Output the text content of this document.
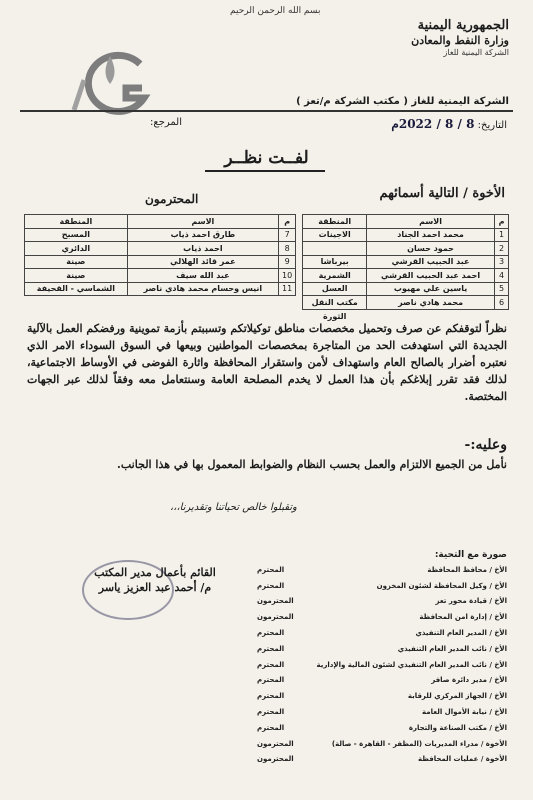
بسم الله الرحمن الرحيم
الجمهورية اليمنية
وزارة النفط والمعادن
الشركة اليمنية للغاز
الشركة اليمنية للغاز ( مكتب الشركة م/تعز )
التاريخ: 8 / 8 / 2022م
المرجع:
لفــت نظــر
الأخوة / التالية أسمائهم
المحترمون
م	الاسم	المنطقة		م	الاسم	المنطقة
1	محمد احمد الجناد	الاجينات		7	طارق احمد ذياب	المسبح
2	حمود حسان			8	احمد ذياب	الدائري
3	عبد الحبيب القرشي	بيرباشا		9	عمر قائد الهلالي	صينة
4	احمد عبد الحبيب القرشي	الشمرية		10	عبد الله سيف	صينة
5	ياسين علي مهيوب	العسل		11	انيس وحسام محمد هادي ناصر	الشماسي - القحيفة
6	محمد هادي ناصر	مكتب النقل				
		الثورة				

نظراً لتوقفكم عن صرف وتحميل مخصصات مناطق توكيلاتكم وتسببتم بأزمة تموينية ورفضكم العمل بالآلية الجديدة التي استهدفت الحد من المتاجرة بمخصصات المواطنين وبيعها في السوق السوداء الامر الذي نعتبره أضرار بالصالح العام واستهداف لأمن واستقرار المحافظة واثارة الفوضى في الأوساط الاجتماعية، لذلك فقد تقرر إبلاغكم بأن هذا العمل لا يخدم المصلحة العامة وسنتعامل معه وفقاً لذلك عبر الجهات المختصة.

وعليه:-

نأمل من الجميع الالتزام والعمل بحسب النظام والضوابط المعمول بها في هذا الجانب.

وتقبلوا خالص تحياتنا وتقديرنا،،،
القائم بأعمال مدير المكتب
م/ أحمد عبد العزيز ياسر
صورة مع التحية:
الأخ / محافظ المحافظة
المحترم
الأخ / وكيل المحافظة لشئون المخزون
المحترم
الأخ / قيادة محور تعز
المحترمون
الأخ / إدارة امن المحافظة
المحترمون
الأخ / المدير العام التنفيذي
المحترم
الأخ / نائب المدير العام التنفيذي
المحترم
الأخ / نائب المدير العام التنفيذي لشئون المالية والإدارية
المحترم
الأخ / مدير دائرة صافر
المحترم
الأخ / الجهاز المركزي للرقابة
المحترم
الأخ / نيابة الأموال العامة
المحترم
الأخ / مكتب الصناعة والتجارة
المحترم
الأخوة / مدراء المديريات (المظفر - القاهرة - صالة)
المحترمون
الأخوة / عمليات المحافظة
المحترمون
